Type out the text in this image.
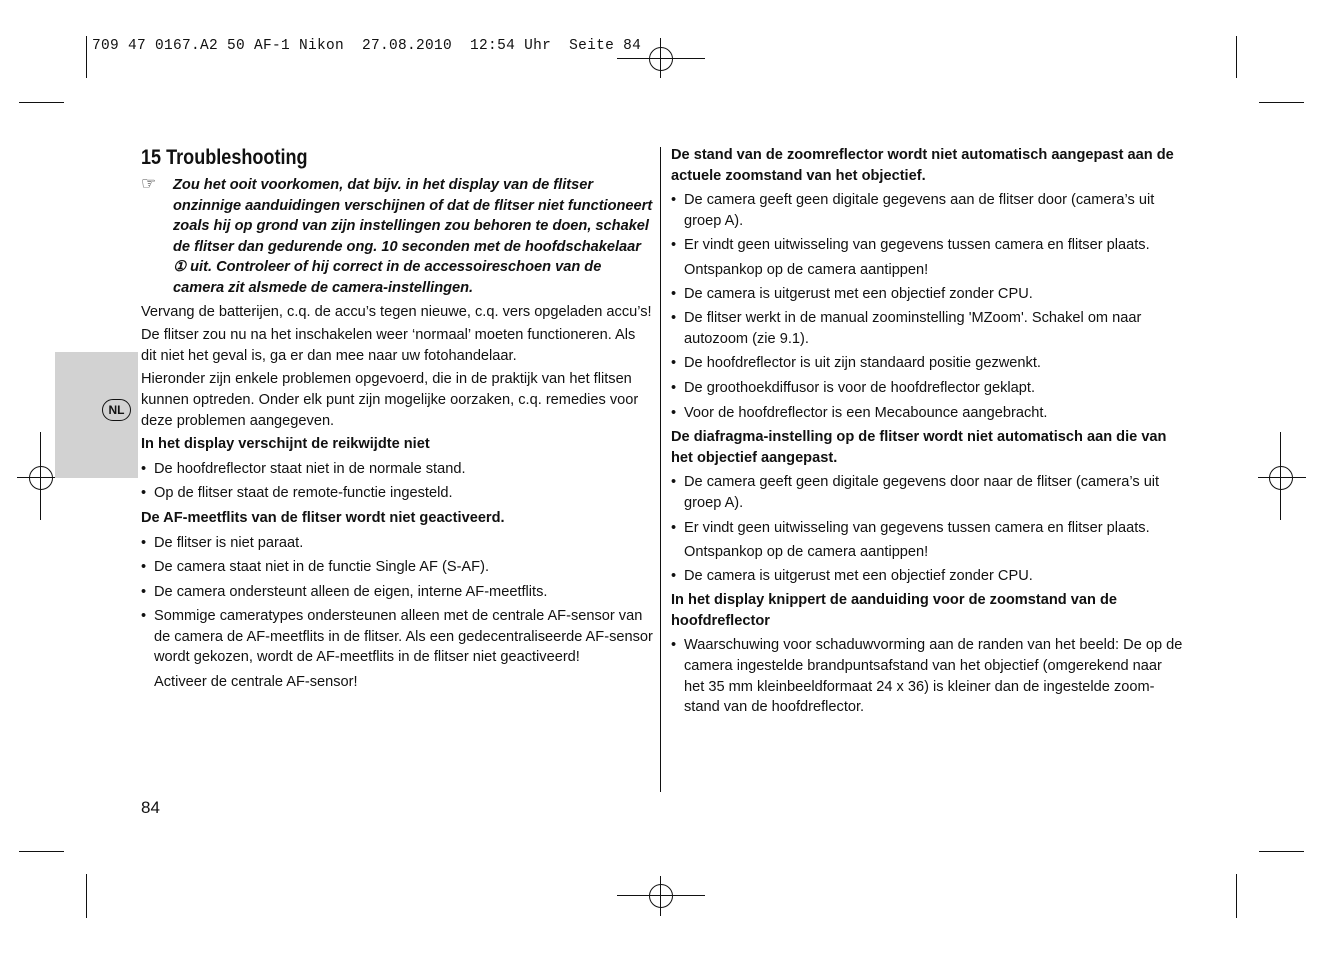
709 47 0167.A2 50 AF-1 Nikon  27.08.2010  12:54 Uhr  Seite 84
NL

15 Troubleshooting

☞ Zou het ooit voorkomen, dat bijv. in het display van de flitser onzinnige aanduidingen verschijnen of dat de flitser niet functioneert zoals hij op grond van zijn instellingen zou behoren te doen, schakel de flitser dan gedurende ong. 10 seconden met de hoofdschakelaar ① uit. Controleer of hij correct in de accessoireschoen van de camera zit alsmede de camera-instellingen.

Vervang de batterijen, c.q. de accu’s tegen nieuwe, c.q. vers opgeladen accu’s!

De flitser zou nu na het inschakelen weer ‘normaal’ moeten functioneren. Als dit niet het geval is, ga er dan mee naar uw fotohandelaar.

Hieronder zijn enkele problemen opgevoerd, die in de praktijk van het flitsen kunnen optreden. Onder elk punt zijn mogelijke oorzaken, c.q. remedies voor deze problemen aangegeven.

In het display verschijnt de reikwijdte niet

• De hoofdreflector staat niet in de normale stand.

• Op de flitser staat de remote-functie ingesteld.

De AF-meetflits van de flitser wordt niet geactiveerd.

• De flitser is niet paraat.

• De camera staat niet in de functie Single AF (S-AF).

• De camera ondersteunt alleen de eigen, interne AF-meetflits.

• Sommige cameratypes ondersteunen alleen met de centrale AF-sensor van de camera de AF-meetflits in de flitser. Als een gedecentraliseerde AF-sensor wordt gekozen, wordt de AF-meetflits in de flitser niet geactiveerd!

Activeer de centrale AF-sensor!

De stand van de zoomreflector wordt niet automatisch aangepast aan de actuele zoomstand van het objectief.

• De camera geeft geen digitale gegevens aan de flitser door (camera’s uit groep A).

• Er vindt geen uitwisseling van gegevens tussen camera en flitser plaats.

Ontspankop op de camera aantippen!

• De camera is uitgerust met een objectief zonder CPU.

• De flitser werkt in de manual zoominstelling 'MZoom'. Schakel om naar autozoom (zie 9.1).

• De hoofdreflector is uit zijn standaard positie gezwenkt.

• De groothoekdiffusor is voor de hoofdreflector geklapt.

• Voor de hoofdreflector is een Mecabounce aangebracht.

De diafragma-instelling op de flitser wordt niet automatisch aan die van het objectief aangepast.

• De camera geeft geen digitale gegevens door naar de flitser (camera’s uit groep A).

• Er vindt geen uitwisseling van gegevens tussen camera en flitser plaats.

Ontspankop op de camera aantippen!

• De camera is uitgerust met een objectief zonder CPU.

In het display knippert de aanduiding voor de zoomstand van de hoofdreflector

• Waarschuwing voor schaduwvorming aan de randen van het beeld: De op de camera ingestelde brandpuntsafstand van het objectief (omgerekend naar het 35 mm kleinbeeldformaat 24 x 36) is kleiner dan de ingestelde zoom-stand van de hoofdreflector.

84
